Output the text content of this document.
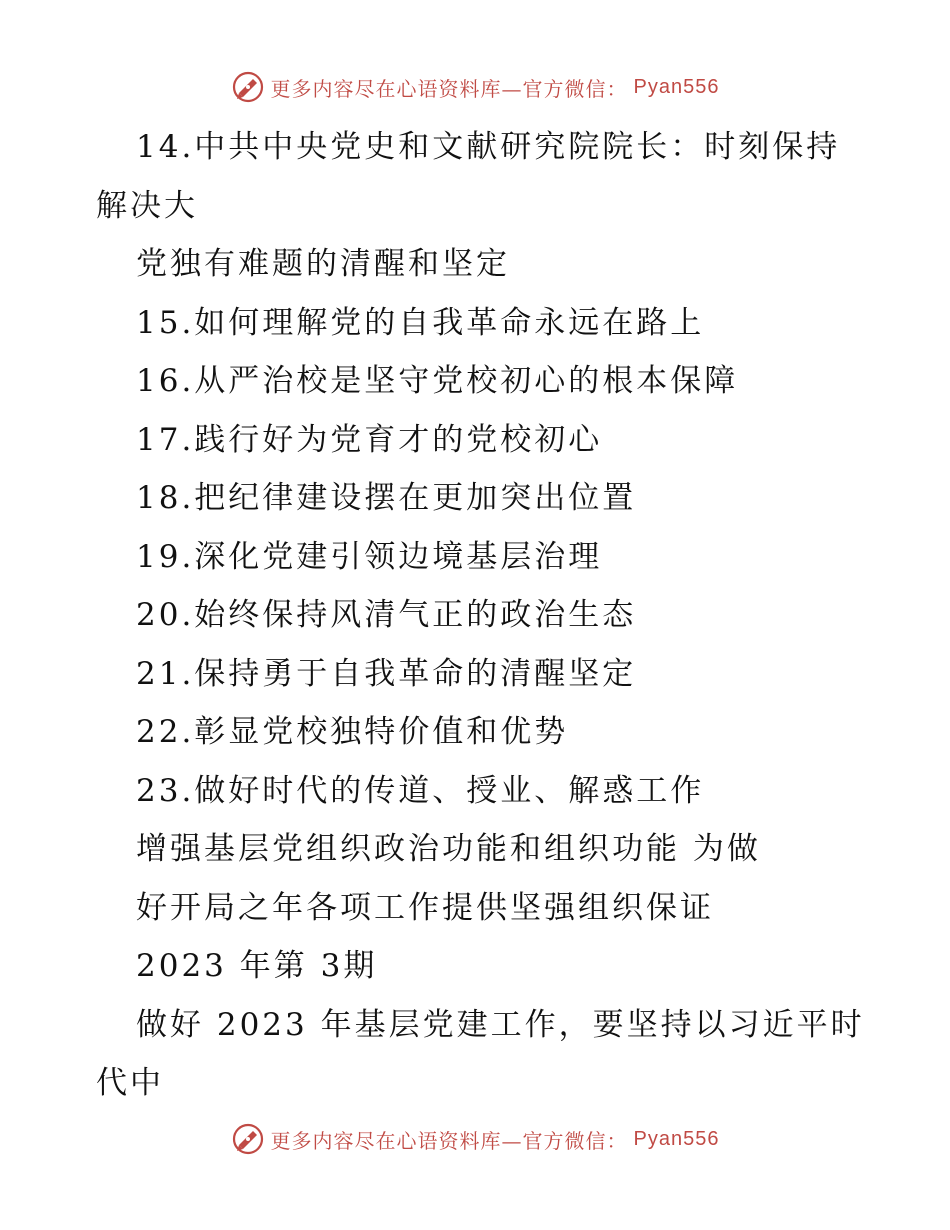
更多内容尽在心语资料库—官方微信： Pyan556

14.中共中央党史和文献研究院院长：时刻保持

解决大

党独有难题的清醒和坚定

15.如何理解党的自我革命永远在路上

16.从严治校是坚守党校初心的根本保障

17.践行好为党育才的党校初心

18.把纪律建设摆在更加突出位置

19.深化党建引领边境基层治理

20.始终保持风清气正的政治生态

21.保持勇于自我革命的清醒坚定

22.彰显党校独特价值和优势

23.做好时代的传道、授业、解惑工作

增强基层党组织政治功能和组织功能 为做

好开局之年各项工作提供坚强组织保证

2023 年第 3期

做好 2023 年基层党建工作，要坚持以习近平时

代中

更多内容尽在心语资料库—官方微信： Pyan556
